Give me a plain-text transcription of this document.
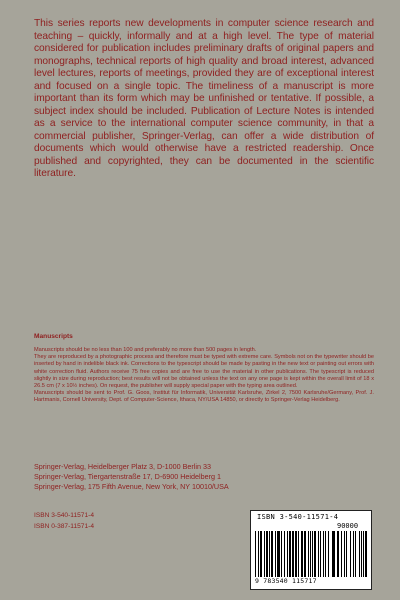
This series reports new developments in computer science research and teaching – quickly, informally and at a high level. The type of material considered for publication includes preliminary drafts of original papers and monographs, technical reports of high quality and broad interest, advanced level lectures, reports of meetings, provided they are of exceptional interest and focused on a single topic. The timeliness of a manuscript is more important than its form which may be unfinished or tentative. If possible, a subject index should be included. Publication of Lecture Notes is intended as a service to the international computer science community, in that a commercial publisher, Springer-Verlag, can offer a wide distribution of documents which would otherwise have a restricted readership. Once published and copyrighted, they can be documented in the scientific literature.

Manuscripts

Manuscripts should be no less than 100 and preferably no more than 500 pages in length.

They are reproduced by a photographic process and therefore must be typed with extreme care. Symbols not on the typewriter should be inserted by hand in indelible black ink. Corrections to the typescript should be made by pasting in the new text or painting out errors with white correction fluid. Authors receive 75 free copies and are free to use the material in other publications. The typescript is reduced slightly in size during reproduction; best results will not be obtained unless the text on any one page is kept within the overall limit of 18 x 26.5 cm (7 x 10½ inches). On request, the publisher will supply special paper with the typing area outlined.

Manuscripts should be sent to Prof. G. Goos, Institut für Informatik, Universität Karlsruhe, Zirkel 2, 7500 Karlsruhe/Germany, Prof. J. Hartmanis, Cornell University, Dept. of Computer-Science, Ithaca, NY/USA 14850, or directly to Springer-Verlag Heidelberg.

Springer-Verlag, Heidelberger Platz 3, D-1000 Berlin 33
Springer-Verlag, Tiergartenstraße 17, D-6900 Heidelberg 1
Springer-Verlag, 175 Fifth Avenue, New York, NY 10010/USA
ISBN 3-540-11571-4
ISBN 0-387-11571-4
ISBN 3-540-11571-4
90000
9 783540 115717
